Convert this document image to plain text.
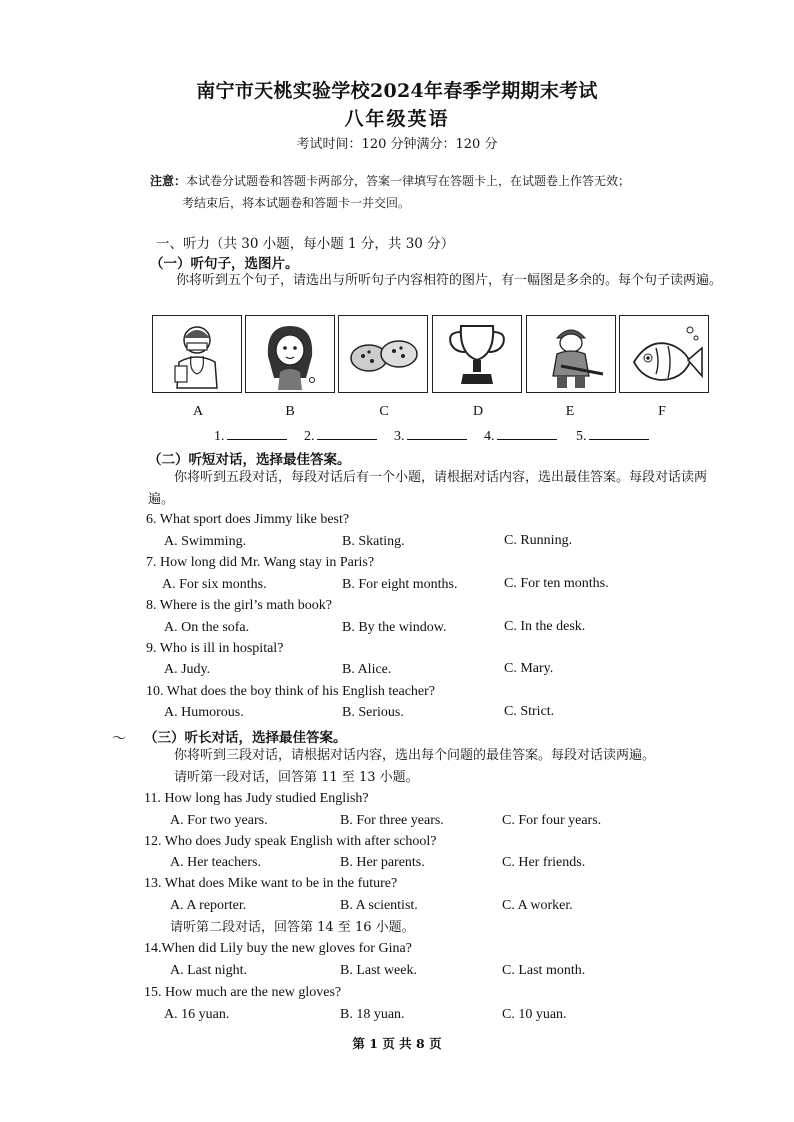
南宁市天桃实验学校2024年春季学期期末考试
八年级英语
考试时间：120 分钟满分：120 分
注意：本试卷分试题卷和答题卡两部分，答案一律填写在答题卡上，在试题卷上作答无效；
考结束后，将本试题卷和答题卡一并交回。
一、听力（共 30 小题，每小题 1 分，共 30 分）
（一）听句子，选图片。
你将听到五个句子，请选出与所听句子内容相符的图片，有一幅图是多余的。每个句子读两遍。
A	B	C	D	E	F
1.	2.	3.	4.	5.
（二）听短对话，选择最佳答案。
你将听到五段对话，每段对话后有一个小题，请根据对话内容，选出最佳答案。每段对话读两遍。
6. What sport does Jimmy like best?
A. Swimming.	B. Skating.	C. Running.
7. How long did Mr. Wang stay in Paris?
A. For six months.	B. For eight months.	C. For ten months.
8. Where is the girl’s math book?
A. On the sofa.	B. By the window.	C. In the desk.
9. Who is ill in hospital?
A. Judy.	B. Alice.	C. Mary.
10. What does the boy think of his English teacher?
A. Humorous.	B. Serious.	C. Strict.
～ （三）听长对话，选择最佳答案。
你将听到三段对话，请根据对话内容，选出每个问题的最佳答案。每段对话读两遍。
请听第一段对话，回答第 11 至 13 小题。
11. How long has Judy studied English?
A. For two years.	B. For three years.	C. For four years.
12. Who does Judy speak English with after school?
A. Her teachers.	B. Her parents.	C. Her friends.
13. What does Mike want to be in the future?
A. A reporter.	B. A scientist.	C. A worker.
请听第二段对话，回答第 14 至 16 小题。
14.When did Lily buy the new gloves for Gina?
A. Last night.	B. Last week.	C. Last month.
15. How much are the new gloves?
A. 16 yuan.	B. 18 yuan.	C. 10 yuan.
第 1 页 共 8 页
